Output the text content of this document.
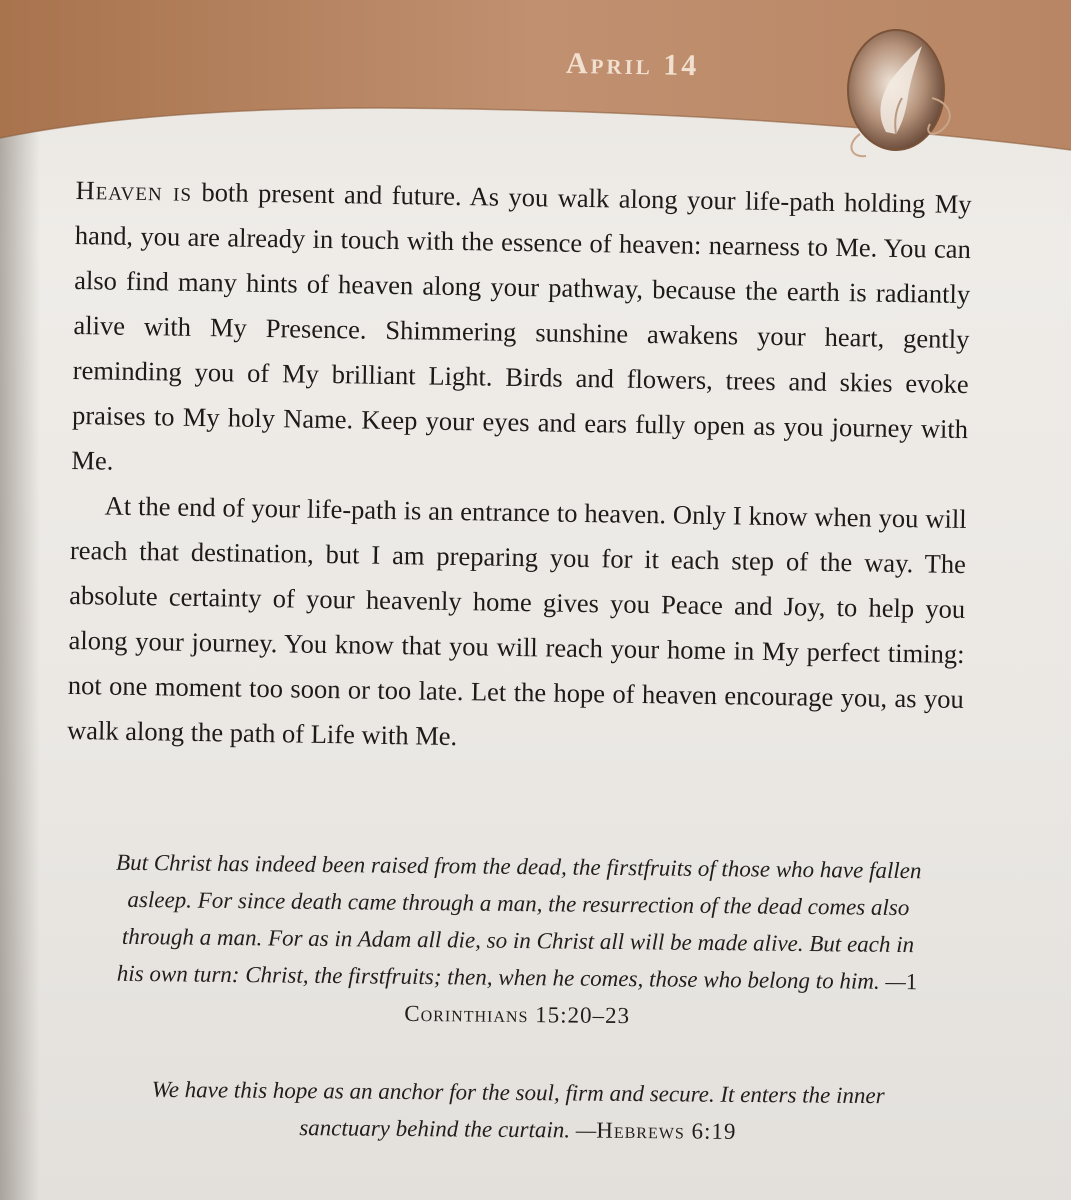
April 14

Heaven is both present and future. As you walk along your life-path holding My hand, you are already in touch with the essence of heaven: nearness to Me. You can also find many hints of heaven along your pathway, because the earth is radiantly alive with My Presence. Shimmering sunshine awakens your heart, gently reminding you of My brilliant Light. Birds and flowers, trees and skies evoke praises to My holy Name. Keep your eyes and ears fully open as you journey with Me.

At the end of your life-path is an entrance to heaven. Only I know when you will reach that destination, but I am preparing you for it each step of the way. The absolute certainty of your heavenly home gives you Peace and Joy, to help you along your journey. You know that you will reach your home in My perfect timing: not one moment too soon or too late. Let the hope of heaven encourage you, as you walk along the path of Life with Me.

But Christ has indeed been raised from the dead, the firstfruits of those who have fallen asleep. For since death came through a man, the resurrection of the dead comes also through a man. For as in Adam all die, so in Christ all will be made alive. But each in his own turn: Christ, the firstfruits; then, when he comes, those who belong to him. —1 Corinthians 15:20–23
We have this hope as an anchor for the soul, firm and secure. It enters the inner sanctuary behind the curtain. —Hebrews 6:19
